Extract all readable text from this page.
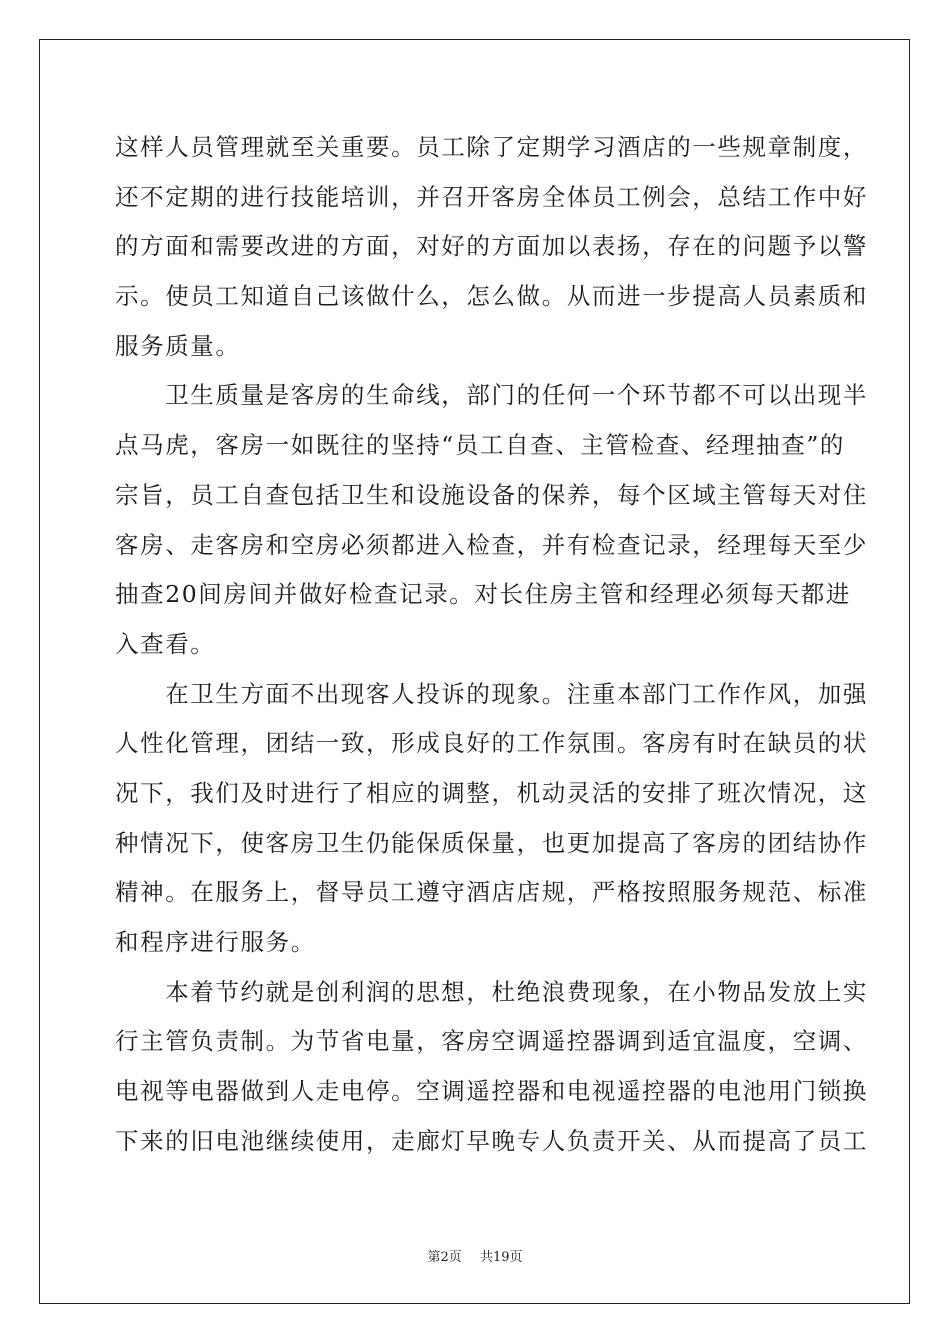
这样人员管理就至关重要。员工除了定期学习酒店的一些规章制度，
还不定期的进行技能培训，并召开客房全体员工例会，总结工作中好
的方面和需要改进的方面，对好的方面加以表扬，存在的问题予以警
示。使员工知道自己该做什么，怎么做。从而进一步提高人员素质和
服务质量。
　　卫生质量是客房的生命线，部门的任何一个环节都不可以出现半
点马虎，客房一如既往的坚持“员工自查、主管检查、经理抽查”的
宗旨，员工自查包括卫生和设施设备的保养，每个区域主管每天对住
客房、走客房和空房必须都进入检查，并有检查记录，经理每天至少
抽查20间房间并做好检查记录。对长住房主管和经理必须每天都进
入查看。
　　在卫生方面不出现客人投诉的现象。注重本部门工作作风，加强
人性化管理，团结一致，形成良好的工作氛围。客房有时在缺员的状
况下，我们及时进行了相应的调整，机动灵活的安排了班次情况，这
种情况下，使客房卫生仍能保质保量，也更加提高了客房的团结协作
精神。在服务上，督导员工遵守酒店店规，严格按照服务规范、标准
和程序进行服务。
　　本着节约就是创利润的思想，杜绝浪费现象，在小物品发放上实
行主管负责制。为节省电量，客房空调遥控器调到适宜温度，空调、
电视等电器做到人走电停。空调遥控器和电视遥控器的电池用门锁换
下来的旧电池继续使用，走廊灯早晚专人负责开关、从而提高了员工
第2页 共19页
